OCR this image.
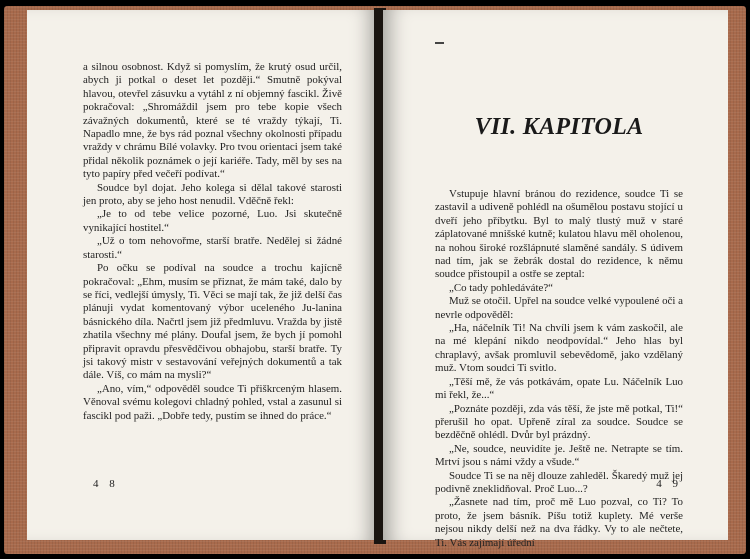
a silnou osobnost. Když si pomyslím, že krutý osud určil, abych ji potkal o deset let později.“ Smutně pokýval hlavou, otevřel zásuvku a vytáhl z ní objemný fascikl. Živě pokračoval: „Shromáždil jsem pro tebe kopie všech závažných dokumentů, které se té vraždy týkají, Ti. Napadlo mne, že bys rád poznal všechny okolnosti případu vraždy v chrámu Bílé volavky. Pro tvou orientaci jsem také přidal několik poznámek o její kariéře. Tady, měl by ses na tyto papíry před večeří podívat.“

Soudce byl dojat. Jeho kolega si dělal takové starosti jen proto, aby se jeho host nenudil. Vděčně řekl:

„Je to od tebe velice pozorné, Luo. Jsi skutečně vynikající hostitel.“

„Už o tom nehovořme, starší bratře. Nedělej si žádné starosti.“

Po očku se podíval na soudce a trochu kajícně pokračoval: „Ehm, musím se přiznat, že mám také, dalo by se říci, vedlejší úmysly, Ti. Věci se mají tak, že již delší čas plánuji vydat komentovaný výbor uceleného Ju-lanina básnického díla. Načrtl jsem již předmluvu. Vražda by jistě zhatila všechny mé plány. Doufal jsem, že bych jí pomohl připravit opravdu přesvědčivou obhajobu, starší bratře. Ty jsi takový mistr v sestavování veřejných dokumentů a tak dále. Víš, co mám na mysli?“

„Ano, vím,“ odpověděl soudce Ti přiškrceným hlasem. Věnoval svému kolegovi chladný pohled, vstal a zasunul si fascikl pod paži. „Dobře tedy, pustím se ihned do práce.“

4 8
VII. KAPITOLA

Vstupuje hlavní bránou do rezidence, soudce Ti se zastavil a udiveně pohlédl na ošumělou postavu stojící u dveří jeho příbytku. Byl to malý tlustý muž v staré záplatované mnišské kutně; kulatou hlavu měl oholenou, na nohou široké rozšlápnuté slaměné sandály. S údivem nad tím, jak se žebrák dostal do rezidence, k němu soudce přistoupil a ostře se zeptal:

„Co tady pohledáváte?“

Muž se otočil. Upřel na soudce velké vypoulené oči a nevrle odpověděl:

„Ha, náčelník Ti! Na chvíli jsem k vám zaskočil, ale na mé klepání nikdo neodpovídal.“ Jeho hlas byl chraplavý, avšak promluvil sebevědomě, jako vzdělaný muž. Vtom soudci Ti svitlo.

„Těší mě, že vás potkávám, opate Lu. Náčelník Luo mi řekl, že...“

„Poznáte později, zda vás těší, že jste mě potkal, Ti!“ přerušil ho opat. Upřeně zíral za soudce. Soudce se bezděčně ohlédl. Dvůr byl prázdný.

„Ne, soudce, neuvidíte je. Ještě ne. Netrapte se tím. Mrtví jsou s námi vždy a všude.“

Soudce Ti se na něj dlouze zahleděl. Škaredý muž jej podivně zneklidňoval. Proč Luo...?

„Žasnete nad tím, proč mě Luo pozval, co Ti? To proto, že jsem básník. Píšu totiž kuplety. Mé verše nejsou nikdy delší než na dva řádky. Vy to ale nečtete, Ti. Vás zajímají úřední

4 9
